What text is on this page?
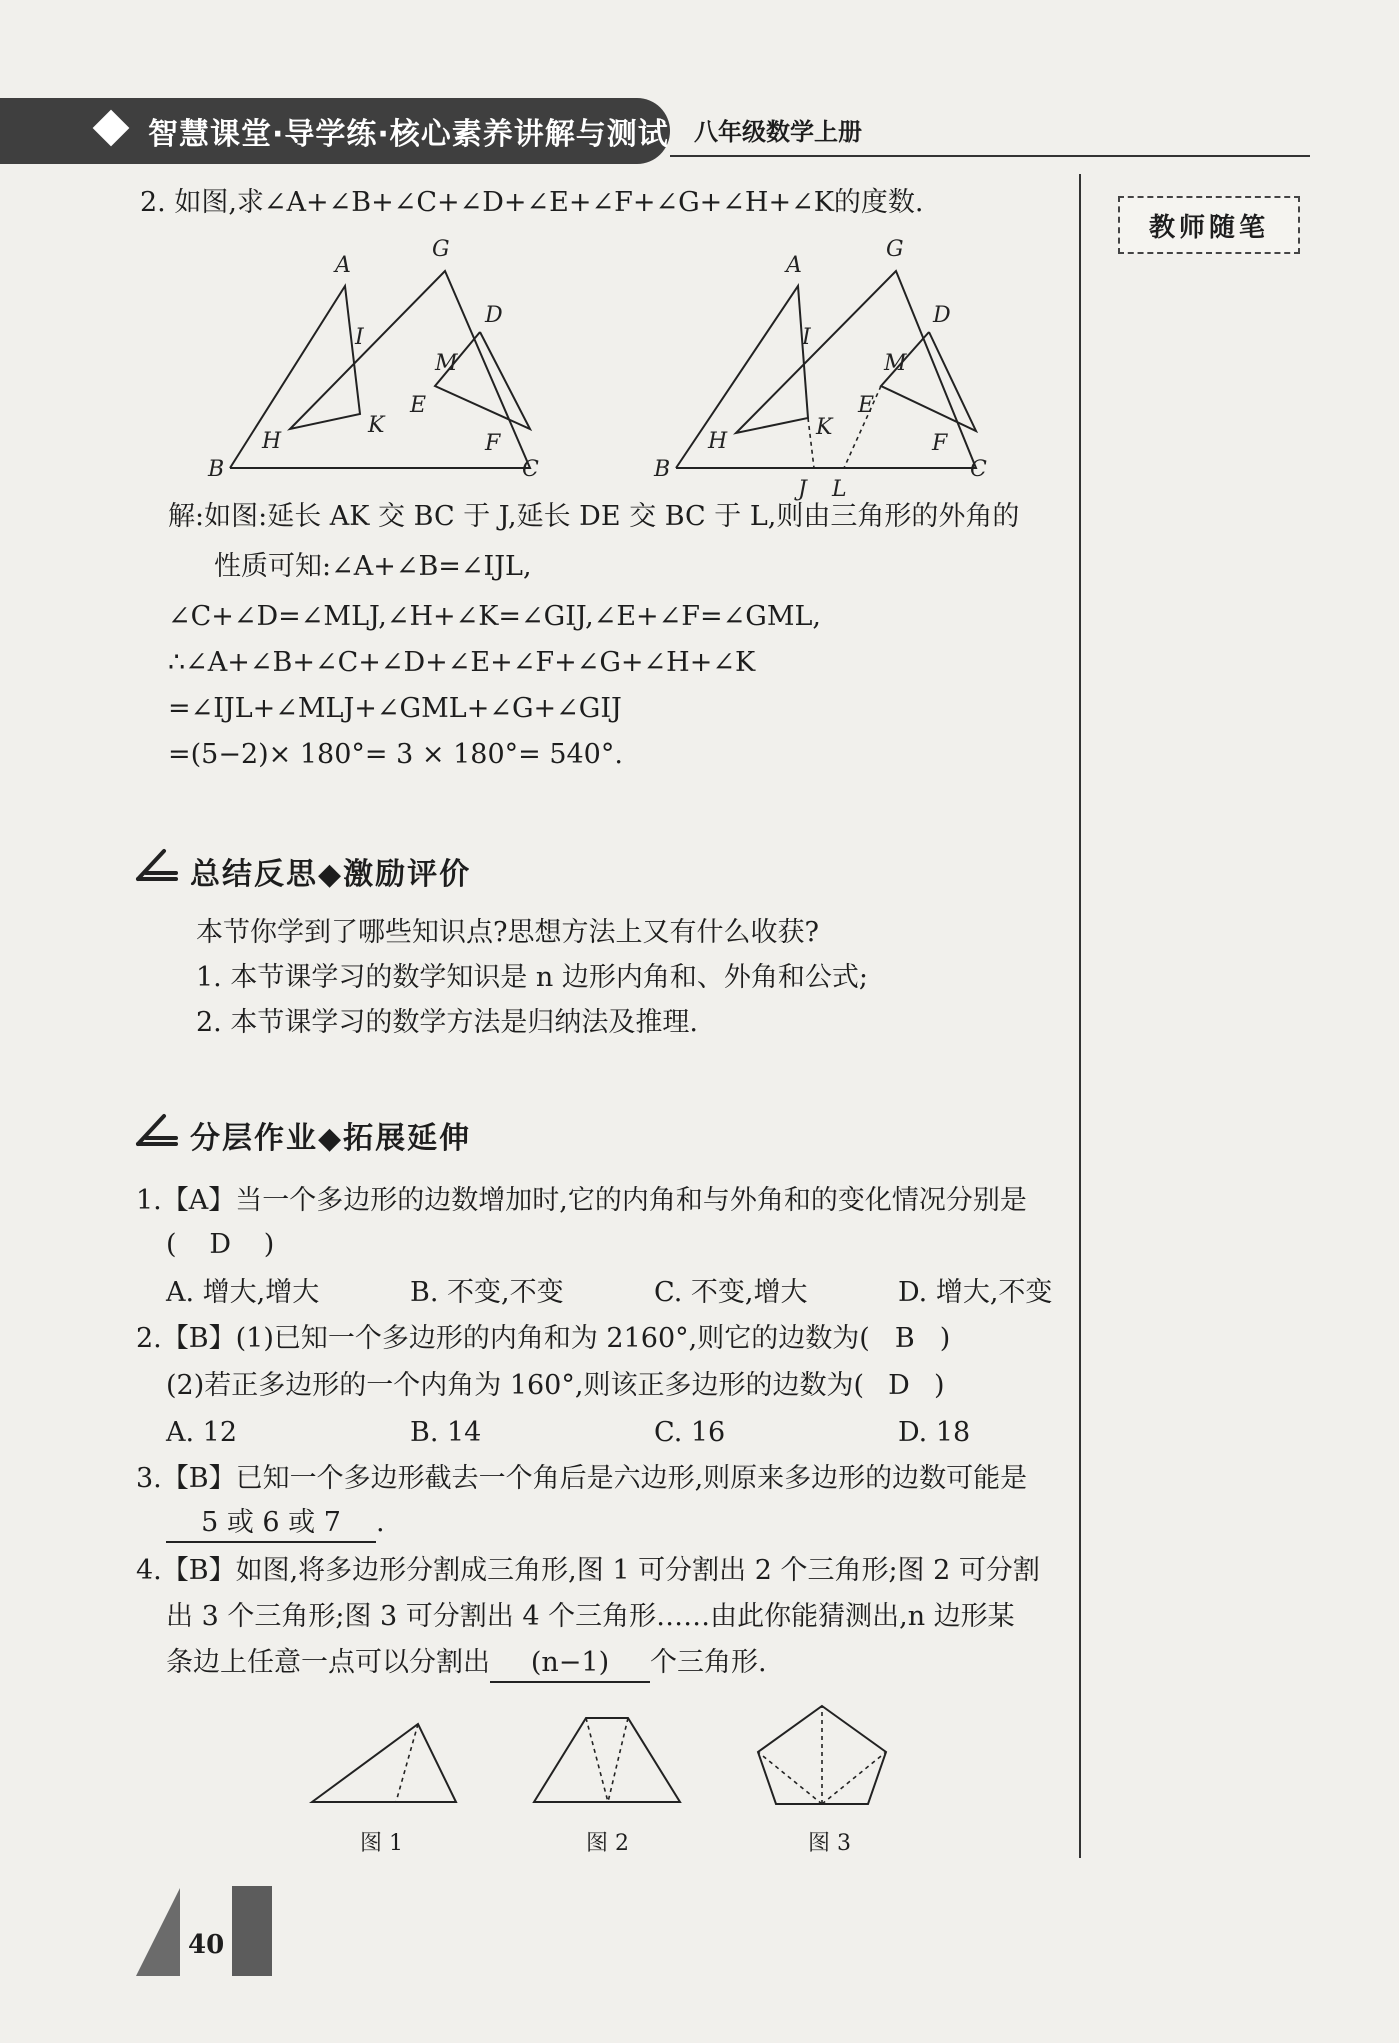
智慧课堂·导学练·核心素养讲解与测试 八年级数学上册
教师随笔
2. 如图,求∠A+∠B+∠C+∠D+∠E+∠F+∠G+∠H+∠K的度数.
A
G
D
I
M
E
H
K
F
B	C
A
G
D
I
M
E
H
K
F
B	C
J L
解:如图:延长 AK 交 BC 于 J,延长 DE 交 BC 于 L,则由三角形的外角的
性质可知:∠A+∠B=∠IJL,
∠C+∠D=∠MLJ,∠H+∠K=∠GIJ,∠E+∠F=∠GML,
∴∠A+∠B+∠C+∠D+∠E+∠F+∠G+∠H+∠K
=∠IJL+∠MLJ+∠GML+∠G+∠GIJ
=(5−2)× 180°= 3 × 180°= 540°.
总结反思◆激励评价
本节你学到了哪些知识点?思想方法上又有什么收获?
1. 本节课学习的数学知识是 n 边形内角和、外角和公式;
2. 本节课学习的数学方法是归纳法及推理.
分层作业◆拓展延伸
1.【A】当一个多边形的边数增加时,它的内角和与外角和的变化情况分别是
( D )
A. 增大,增大	B. 不变,不变	C. 不变,增大	D. 增大,不变
2.【B】(1)已知一个多边形的内角和为 2160°,则它的边数为( B )
(2)若正多边形的一个内角为 160°,则该正多边形的边数为( D )
A. 12	B. 14	C. 16	D. 18
3.【B】已知一个多边形截去一个角后是六边形,则原来多边形的边数可能是
5 或 6 或 7 .
4.【B】如图,将多边形分割成三角形,图 1 可分割出 2 个三角形;图 2 可分割
出 3 个三角形;图 3 可分割出 4 个三角形……由此你能猜测出,n 边形某
条边上任意一点可以分割出 (n−1) 个三角形.
图 1	图 2	图 3
40
